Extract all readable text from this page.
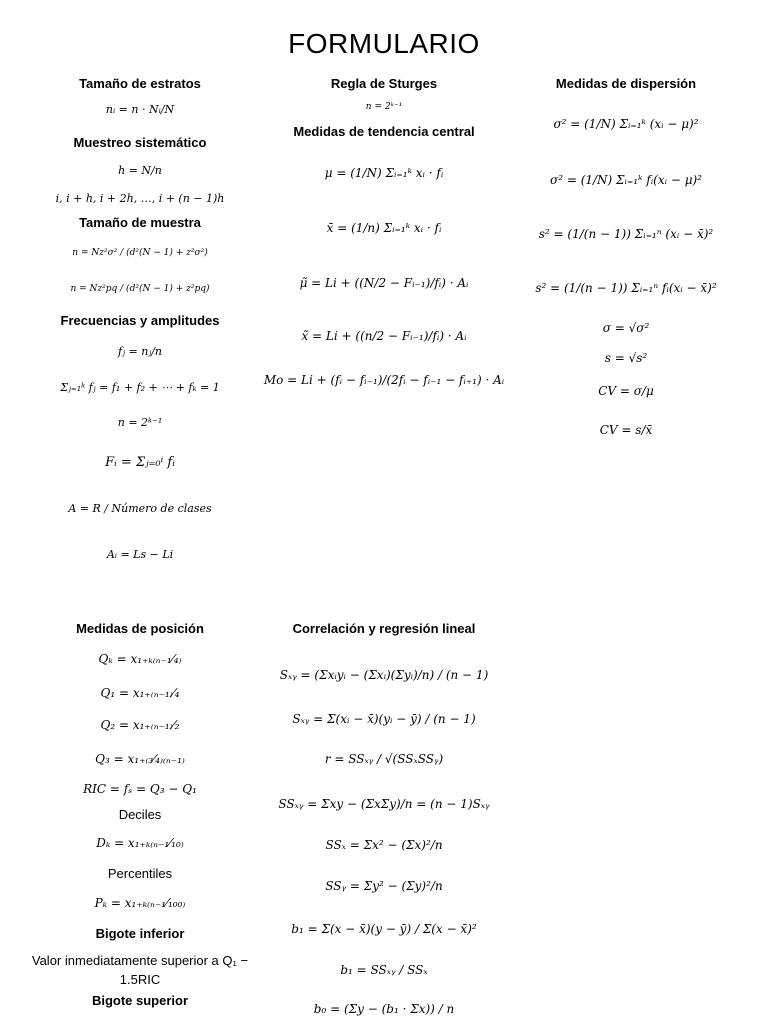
FORMULARIO
Tamaño de estratos
nᵢ = n · Nᵢ/N
Muestreo sistemático
h = N/n
i, i + h, i + 2h, …, i + (n − 1)h
Tamaño de muestra
n = Nz²σ² / (d²(N − 1) + z²σ²)
n = Nz²pq / (d²(N − 1) + z²pq)
Frecuencias y amplitudes
fⱼ = nⱼ/n
Σⱼ₌₁ᵏ fⱼ = f₁ + f₂ + ⋯ + fₖ = 1
n = 2ᵏ⁻¹
Fᵢ = Σⱼ₌₀ⁱ fᵢ
A = R / Número de clases
Aᵢ = Ls − Li
Regla de Sturges
n = 2ᵏ⁻¹
Medidas de tendencia central
μ = (1/N) Σᵢ₌₁ᵏ xᵢ · fᵢ
x̄ = (1/n) Σᵢ₌₁ᵏ xᵢ · fᵢ
μ̃ = Li + ((N/2 − Fᵢ₋₁)/fᵢ) · Aᵢ
x̃ = Li + ((n/2 − Fᵢ₋₁)/fᵢ) · Aᵢ
Mo = Li + (fᵢ − fᵢ₋₁)/(2fᵢ − fᵢ₋₁ − fᵢ₊₁) · Aᵢ
Medidas de dispersión
σ² = (1/N) Σᵢ₌₁ᵏ (xᵢ − μ)²
σ² = (1/N) Σᵢ₌₁ᵏ fᵢ(xᵢ − μ)²
s² = (1/(n − 1)) Σᵢ₌₁ⁿ (xᵢ − x̄)²
s² = (1/(n − 1)) Σᵢ₌₁ⁿ fᵢ(xᵢ − x̄)²
σ = √σ²
s = √s²
CV = σ/μ
CV = s/x̄
Medidas de posición
Qₖ = x₁₊ₖ₍ₙ₋₁⁄₄₎
Q₁ = x₁₊₍ₙ₋₁₎⁄₄
Q₂ = x₁₊₍ₙ₋₁₎⁄₂
Q₃ = x₁₊₍₃⁄₄₎₍ₙ₋₁₎
RIC = fₛ = Q₃ − Q₁
Deciles
Dₖ = x₁₊ₖ₍ₙ₋₁⁄₁₀₎
Percentiles
Pₖ = x₁₊ₖ₍ₙ₋₁⁄₁₀₀₎
Bigote inferior
Valor inmediatamente superior a Q₁ − 1.5RIC
Bigote superior
Correlación y regresión lineal
Sₓᵧ = (Σxᵢyᵢ − (Σxᵢ)(Σyᵢ)/n) / (n − 1)
Sₓᵧ = Σ(xᵢ − x̄)(yᵢ − ȳ) / (n − 1)
r = SSₓᵧ / √(SSₓSSᵧ)
SSₓᵧ = Σxy − (ΣxΣy)/n = (n − 1)Sₓᵧ
SSₓ = Σx² − (Σx)²/n
SSᵧ = Σy² − (Σy)²/n
b₁ = Σ(x − x̄)(y − ȳ) / Σ(x − x̄)²
b₁ = SSₓᵧ / SSₓ
b₀ = (Σy − (b₁ · Σx)) / n
